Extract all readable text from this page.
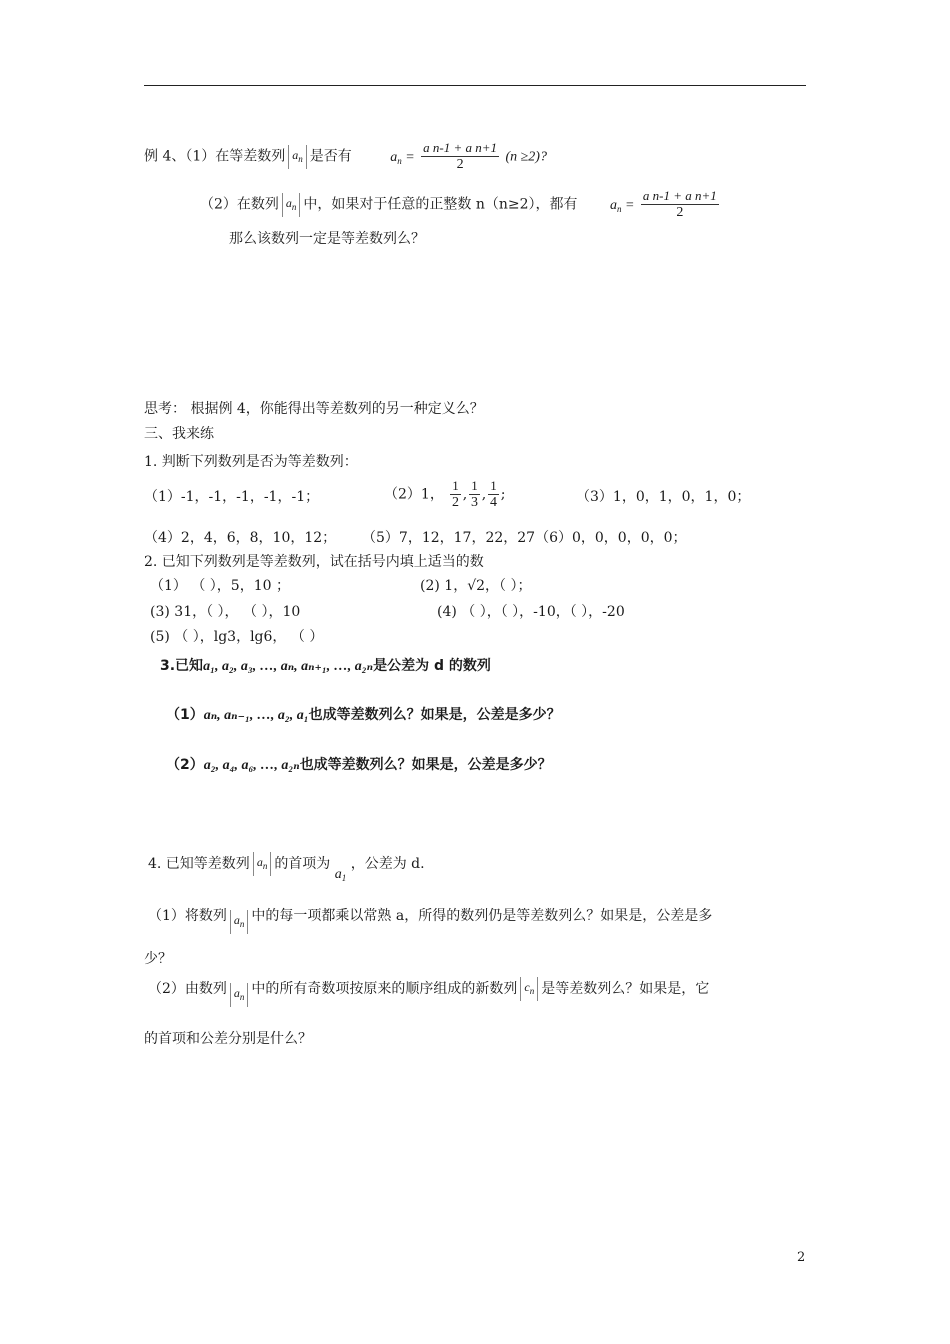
例 4、（1）在等差数列 $a_n$ 是否有	$a_n = \frac{\text{a n-1 + a n+1}}{2} (n \ge 2)$?
（2）在数列 $a_n$ 中，如果对于任意的正整数 n（n≥2），都有 $a_n = \frac{\text{a n-1 + a n+1}}{2}$
那么该数列一定是等差数列么？
思考： 根据例 4，你能得出等差数列的另一种定义么？
三、我来练
1. 判断下列数列是否为等差数列：
（1）-1，-1，-1，-1，-1；	（2）1， $\frac{1}{2}$ , $\frac{1}{3}$ , $\frac{1}{4}$ ;	（3）1，0，1，0，1，0；
（4）2，4，6，8，10，12； （5）7，12，17，22，27（6）0，0，0，0，0；
2. 已知下列数列是等差数列，试在括号内填上适当的数
（1） （ ），5，10 ；	(2) 1，√2，（ ）；
(3) 31，（ ）， （ ），10	(4) （ ），（ ），-10，（ ），-20
(5) （ ），lg3，lg6， （ ）
3.已知a₁, a₂, a₃, …, aₙ, aₙ₊₁, …, a₂ₙ是公差为 d 的数列
（1）aₙ, aₙ₋₁, …, a₂, a₁也成等差数列么？如果是，公差是多少？
（2）a₂, a₄, a₆, …, a₂ₙ也成等差数列么？如果是，公差是多少？
4. 已知等差数列 $a_n$ 的首项为 $a_1$ ，公差为 d.
（1）将数列 $a_n$ 中的每一项都乘以常熟 a，所得的数列仍是等差数列么？如果是，公差是多
少？
（2）由数列 $a_n$ 中的所有奇数项按原来的顺序组成的新数列 $c_n$ 是等差数列么？如果是，它
的首项和公差分别是什么？
2
